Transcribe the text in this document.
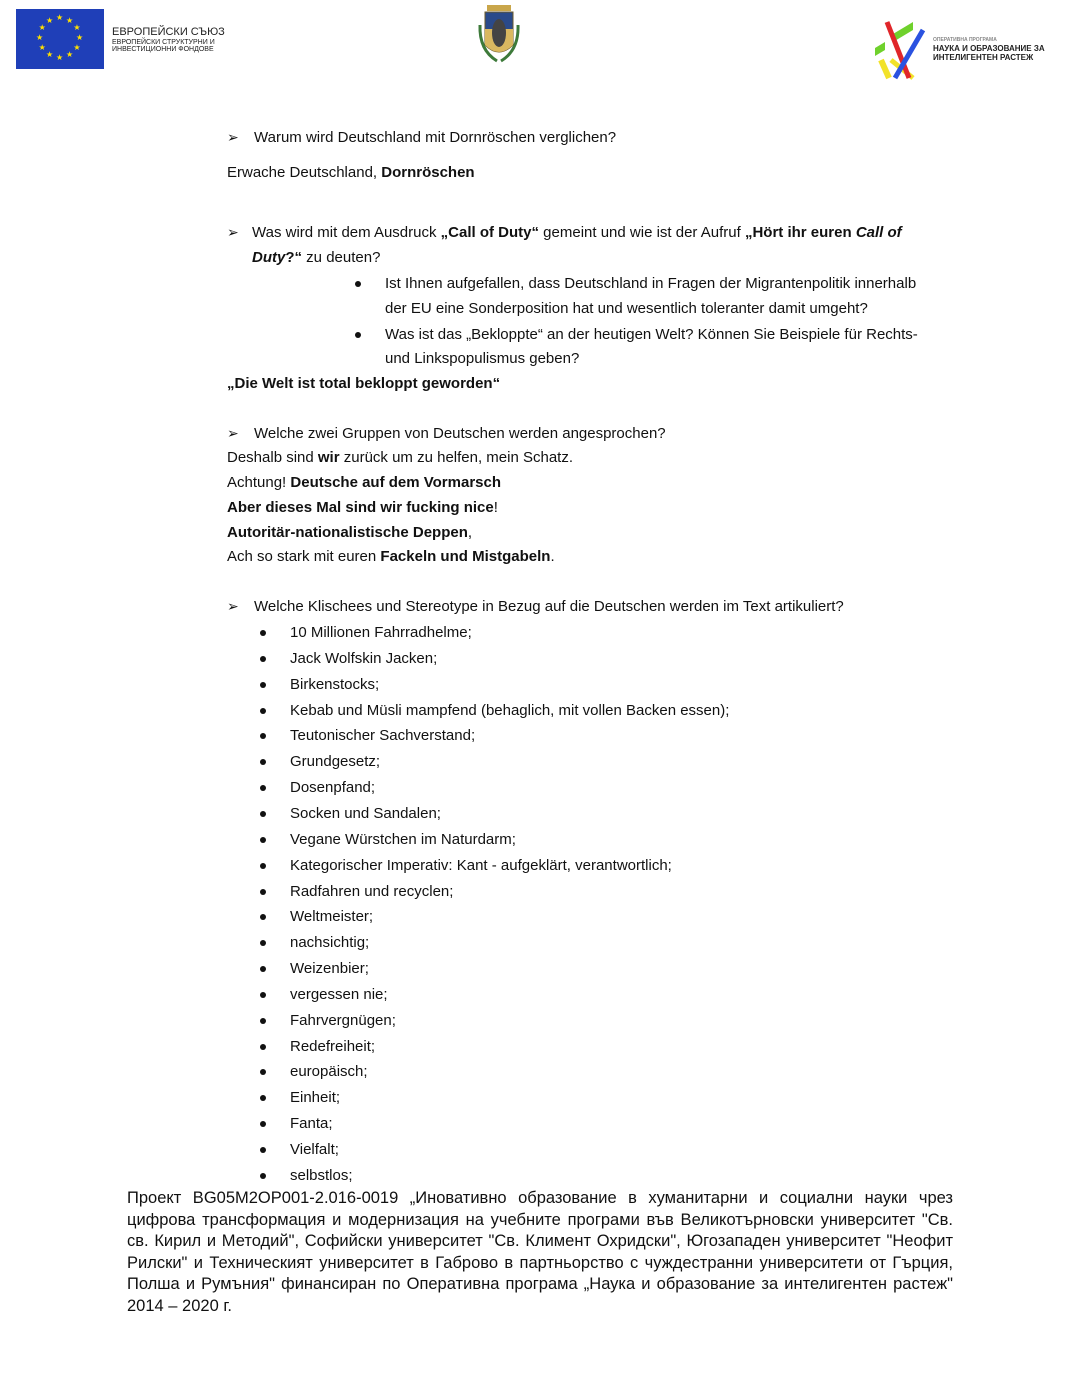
★ ★
★
★
★
★
★
★
★
★
★
★
ЕВРОПЕЙСКИ СЪЮЗ
ЕВРОПЕЙСКИ СТРУКТУРНИ И
ИНВЕСТИЦИОННИ ФОНДОВЕ
ОПЕРАТИВНА ПРОГРАМА
НАУКА И ОБРАЗОВАНИЕ ЗА
ИНТЕЛИГЕНТЕН РАСТЕЖ
Warum wird Deutschland mit Dornröschen verglichen?
➢
Erwache Deutschland, Dornröschen
Was wird mit dem Ausdruck „Call of Duty“ gemeint und wie ist der Aufruf „Hört ihr euren Call of
➢
Duty?“ zu deuten?
Ist Ihnen aufgefallen, dass Deutschland in Fragen der Migrantenpolitik innerhalb
der EU eine Sonderposition hat und wesentlich toleranter damit umgeht?
Was ist das „Bekloppte“ an der heutigen Welt? Können Sie Beispiele für Rechts-
und Linkspopulismus geben?
„Die Welt ist total bekloppt geworden“
Welche zwei Gruppen von Deutschen werden angesprochen?
➢
Deshalb sind wir zurück um zu helfen, mein Schatz.
Achtung! Deutsche auf dem Vormarsch
Aber dieses Mal sind wir fucking nice!
Autoritär-nationalistische Deppen,
Ach so stark mit euren Fackeln und Mistgabeln.
Welche Klischees und Stereotype in Bezug auf die Deutschen werden im Text artikuliert?
➢
10 Millionen Fahrradhelme;
Jack Wolfskin Jacken;
Birkenstocks;
Kebab und Müsli mampfend (behaglich, mit vollen Backen essen);
Teutonischer Sachverstand;
Grundgesetz;
Dosenpfand;
Socken und Sandalen;
Vegane Würstchen im Naturdarm;
Kategorischer Imperativ: Kant - aufgeklärt, verantwortlich;
Radfahren und recyclen;
Weltmeister;
nachsichtig;
Weizenbier;
vergessen nie;
Fahrvergnügen;
Redefreiheit;
europäisch;
Einheit;
Fanta;
Vielfalt;
selbstlos;
Проект BG05M2OP001-2.016-0019 „Иновативно образование в хуманитарни и социални науки чрез цифрова трансформация и модернизация на учебните програми във Великотърновски университет "Св. св. Кирил и Методий", Софийски университет "Св. Климент Охридски", Югозападен университет "Неофит Рилски" и Техническият университет в Габрово в партньорство с чуждестранни университети от Гърция, Полша и Румъния" финансиран по Оперативна програма „Наука и образование за интелигентен растеж" 2014 – 2020 г.
